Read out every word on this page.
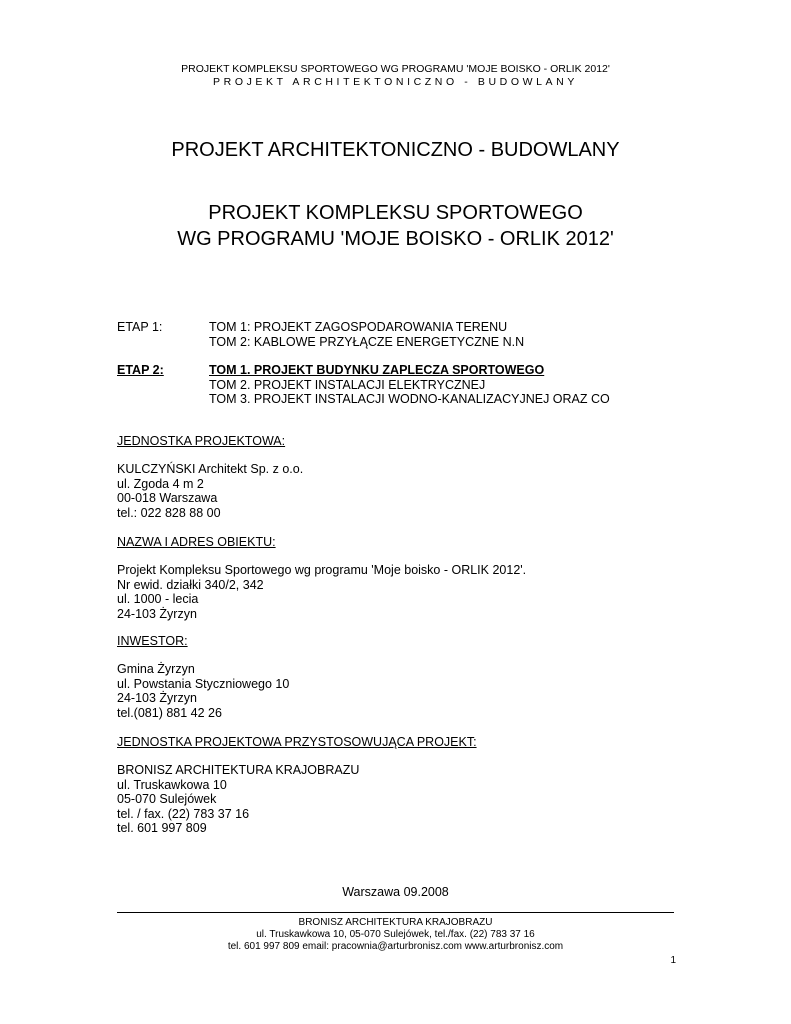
PROJEKT KOMPLEKSU SPORTOWEGO WG PROGRAMU 'MOJE BOISKO - ORLIK 2012'
PROJEKT ARCHITEKTONICZNO - BUDOWLANY
PROJEKT ARCHITEKTONICZNO - BUDOWLANY
PROJEKT KOMPLEKSU SPORTOWEGO
WG PROGRAMU 'MOJE BOISKO - ORLIK 2012'
ETAP 1:	TOM 1: PROJEKT ZAGOSPODAROWANIA TERENU
TOM 2: KABLOWE PRZYŁĄCZE ENERGETYCZNE N.N
ETAP 2:	TOM 1. PROJEKT BUDYNKU ZAPLECZA SPORTOWEGO
TOM 2. PROJEKT INSTALACJI ELEKTRYCZNEJ
TOM 3. PROJEKT INSTALACJI WODNO-KANALIZACYJNEJ ORAZ CO
JEDNOSTKA PROJEKTOWA:
KULCZYŃSKI Architekt Sp. z o.o.
ul. Zgoda 4 m 2
00-018 Warszawa
tel.: 022 828 88 00
NAZWA I ADRES OBIEKTU:
Projekt Kompleksu Sportowego wg programu 'Moje boisko - ORLIK 2012'.
Nr ewid. działki 340/2, 342
ul. 1000 - lecia
24-103 Żyrzyn
INWESTOR:
Gmina Żyrzyn
ul. Powstania Styczniowego 10
24-103 Żyrzyn
tel.(081) 881 42 26
JEDNOSTKA PROJEKTOWA PRZYSTOSOWUJĄCA PROJEKT:
BRONISZ ARCHITEKTURA KRAJOBRAZU
ul. Truskawkowa 10
05-070 Sulejówek
tel. / fax. (22) 783 37 16
tel. 601 997 809
Warszawa 09.2008
BRONISZ ARCHITEKTURA KRAJOBRAZU
ul. Truskawkowa 10, 05-070 Sulejówek, tel./fax. (22) 783 37 16
tel. 601 997 809 email: pracownia@arturbronisz.com www.arturbronisz.com
1
